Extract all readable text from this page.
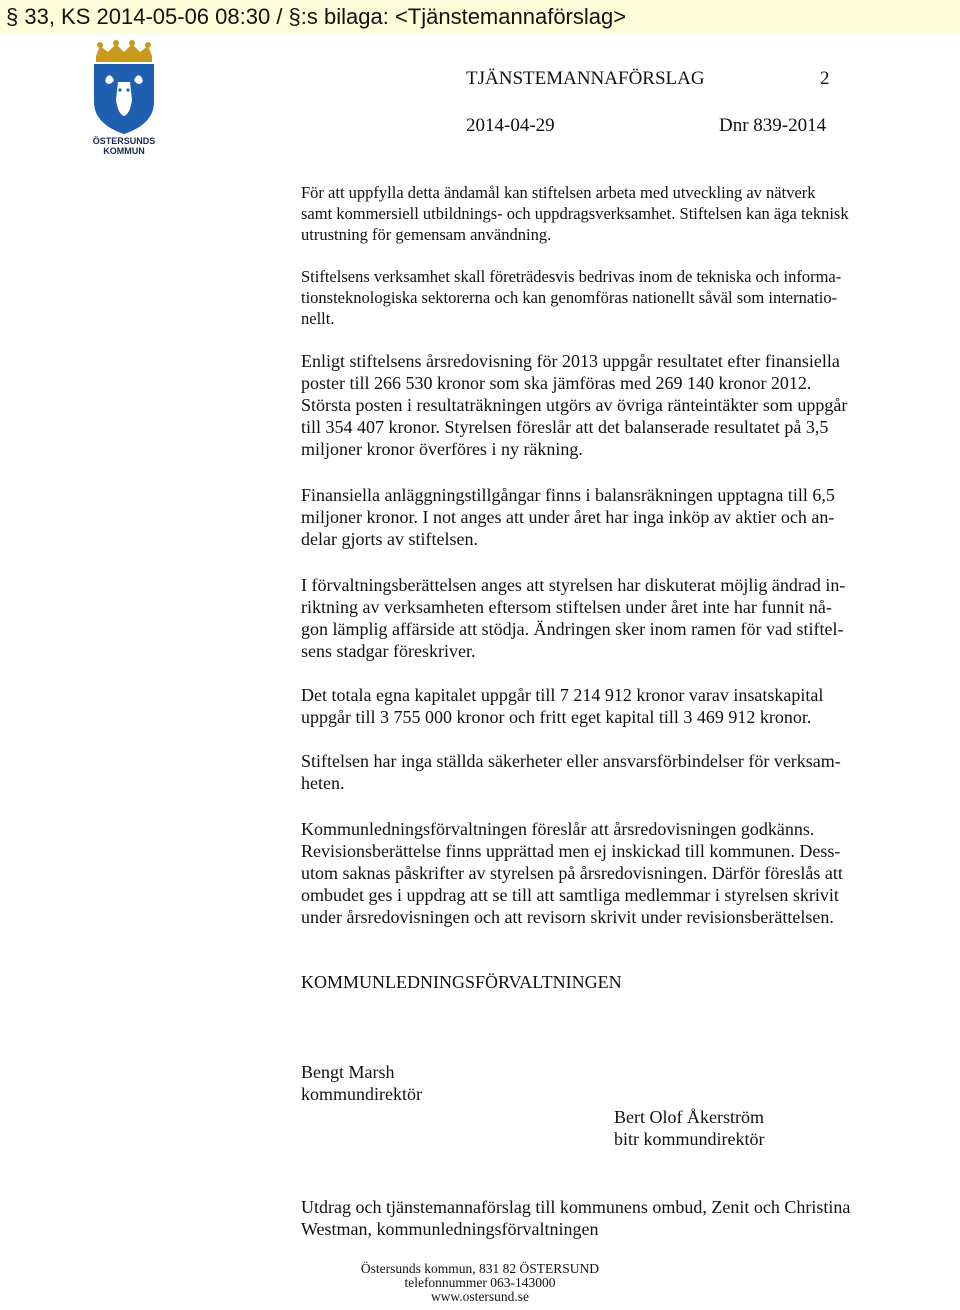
§ 33, KS 2014-05-06 08:30 / §:s bilaga: <Tjänstemannaförslag>
ÖSTERSUNDS
KOMMUN
TJÄNSTEMANNAFÖRSLAG	2
2014-04-29	Dnr 839-2014

För att uppfylla detta ändamål kan stiftelsen arbeta med utveckling av nätverk
samt kommersiell utbildnings- och uppdragsverksamhet. Stiftelsen kan äga teknisk
utrustning för gemensam användning.

Stiftelsens verksamhet skall företrädesvis bedrivas inom de tekniska och informa-
tionsteknologiska sektorerna och kan genomföras nationellt såväl som internatio-
nellt.

Enligt stiftelsens årsredovisning för 2013 uppgår resultatet efter finansiella
poster till 266 530 kronor som ska jämföras med 269 140 kronor 2012.
Största posten i resultaträkningen utgörs av övriga ränteintäkter som uppgår
till 354 407 kronor. Styrelsen föreslår att det balanserade resultatet på 3,5
miljoner kronor överföres i ny räkning.

Finansiella anläggningstillgångar finns i balansräkningen upptagna till 6,5
miljoner kronor. I not anges att under året har inga inköp av aktier och an-
delar gjorts av stiftelsen.

I förvaltningsberättelsen anges att styrelsen har diskuterat möjlig ändrad in-
riktning av verksamheten eftersom stiftelsen under året inte har funnit nå-
gon lämplig affärside att stödja. Ändringen sker inom ramen för vad stiftel-
sens stadgar föreskriver.

Det totala egna kapitalet uppgår till 7 214 912 kronor varav insatskapital
uppgår till 3 755 000 kronor och fritt eget kapital till 3 469 912 kronor.

Stiftelsen har inga ställda säkerheter eller ansvarsförbindelser för verksam-
heten.

Kommunledningsförvaltningen föreslår att årsredovisningen godkänns.
Revisionsberättelse finns upprättad men ej inskickad till kommunen. Dess-
utom saknas påskrifter av styrelsen på årsredovisningen. Därför föreslås att
ombudet ges i uppdrag att se till att samtliga medlemmar i styrelsen skrivit
under årsredovisningen och att revisorn skrivit under revisionsberättelsen.

KOMMUNLEDNINGSFÖRVALTNINGEN
Bengt Marsh
kommundirektör
Bert Olof Åkerström
bitr kommundirektör

Utdrag och tjänstemannaförslag till kommunens ombud, Zenit och Christina
Westman, kommunledningsförvaltningen

Östersunds kommun, 831 82 ÖSTERSUND
telefonnummer 063-143000
www.ostersund.se
